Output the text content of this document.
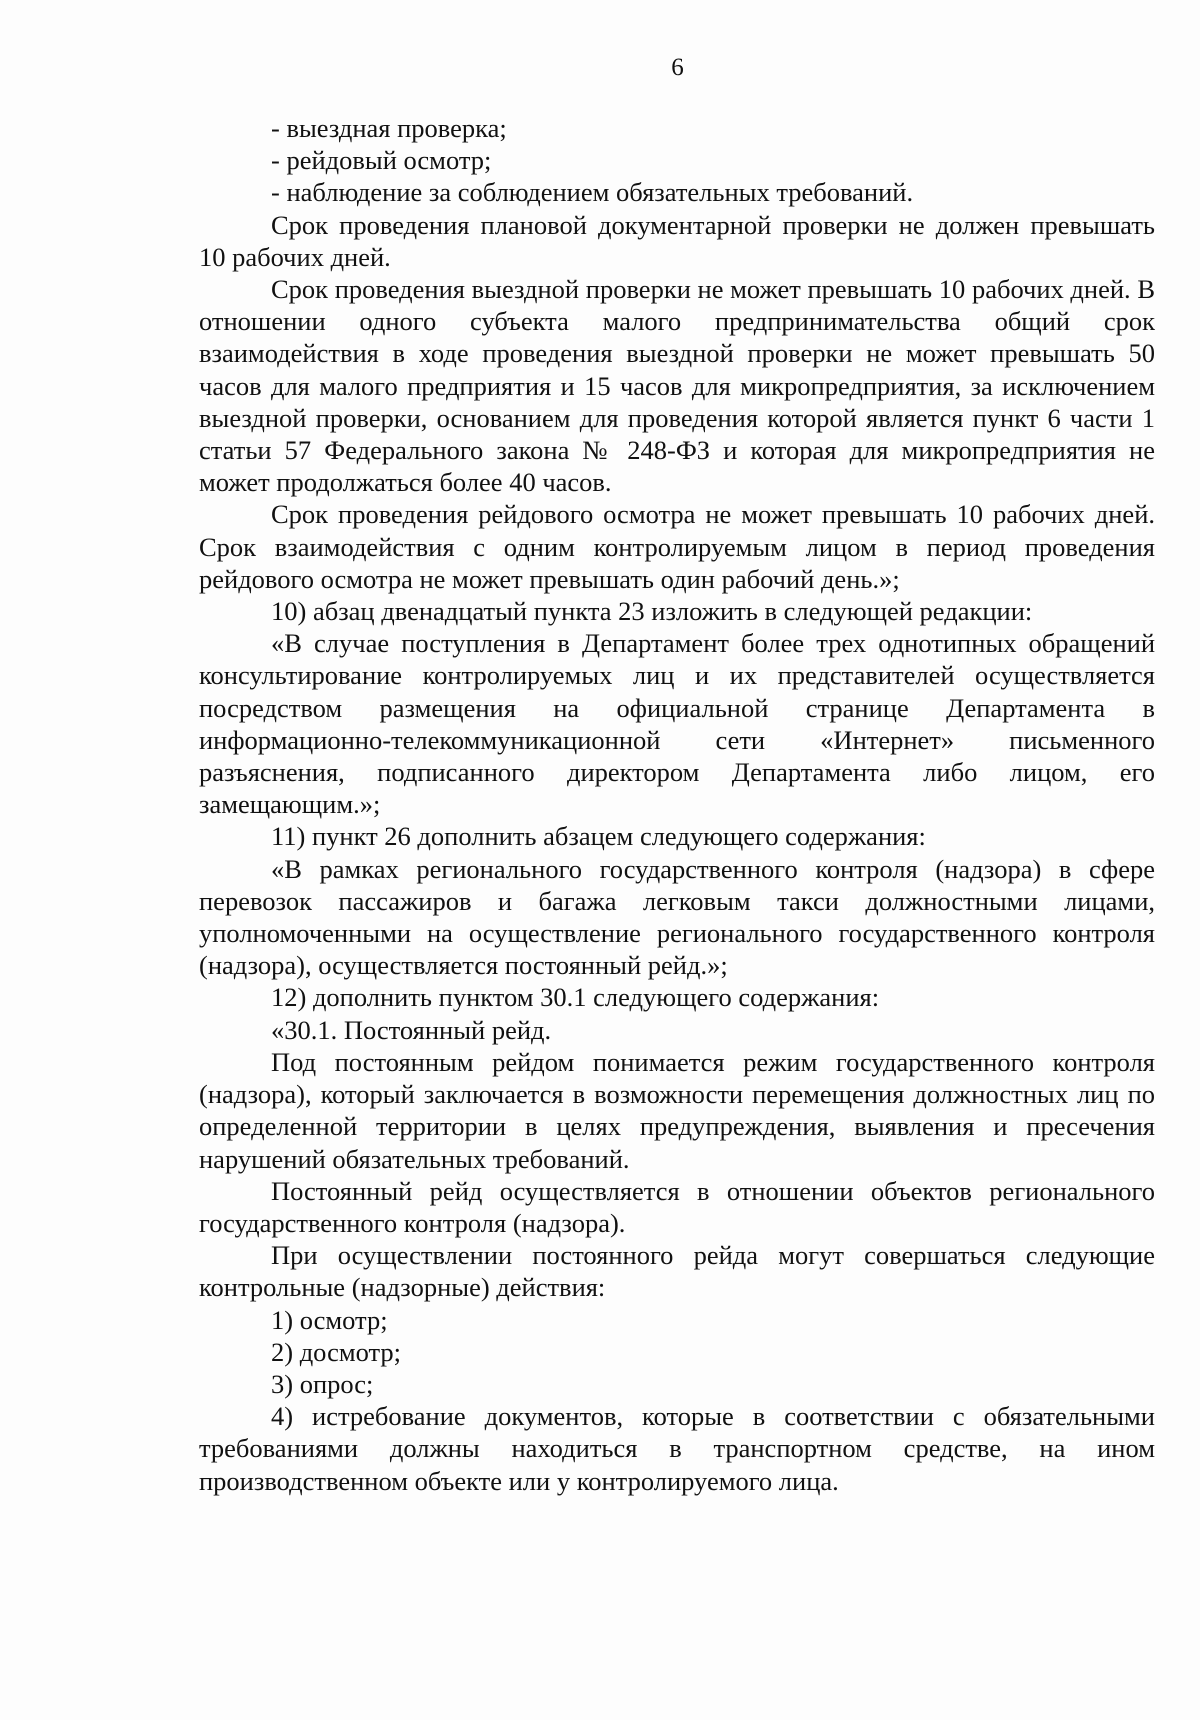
6

- выездная проверка;

- рейдовый осмотр;

- наблюдение за соблюдением обязательных требований.

Срок проведения плановой документарной проверки не должен превышать 10 рабочих дней.

Срок проведения выездной проверки не может превышать 10 рабочих дней. В отношении одного субъекта малого предпринимательства общий срок взаимодействия в ходе проведения выездной проверки не может превышать 50 часов для малого предприятия и 15 часов для микропредприятия, за исключением выездной проверки, основанием для проведения которой является пункт 6 части 1 статьи 57 Федерального закона № 248-ФЗ и которая для микропредприятия не может продолжаться более 40 часов.

Срок проведения рейдового осмотра не может превышать 10 рабочих дней. Срок взаимодействия с одним контролируемым лицом в период проведения рейдового осмотра не может превышать один рабочий день.»;

10) абзац двенадцатый пункта 23 изложить в следующей редакции:

«В случае поступления в Департамент более трех однотипных обращений консультирование контролируемых лиц и их представителей осуществляется посредством размещения на официальной странице Департамента в информационно-телекоммуникационной сети «Интернет» письменного разъяснения, подписанного директором Департамента либо лицом, его замещающим.»;

11) пункт 26 дополнить абзацем следующего содержания:

«В рамках регионального государственного контроля (надзора) в сфере перевозок пассажиров и багажа легковым такси должностными лицами, уполномоченными на осуществление регионального государственного контроля (надзора), осуществляется постоянный рейд.»;

12) дополнить пунктом 30.1 следующего содержания:

«30.1. Постоянный рейд.

Под постоянным рейдом понимается режим государственного контроля (надзора), который заключается в возможности перемещения должностных лиц по определенной территории в целях предупреждения, выявления и пресечения нарушений обязательных требований.

Постоянный рейд осуществляется в отношении объектов регионального государственного контроля (надзора).

При осуществлении постоянного рейда могут совершаться следующие контрольные (надзорные) действия:

1) осмотр;

2) досмотр;

3) опрос;

4) истребование документов, которые в соответствии с обязательными требованиями должны находиться в транспортном средстве, на ином производственном объекте или у контролируемого лица.
